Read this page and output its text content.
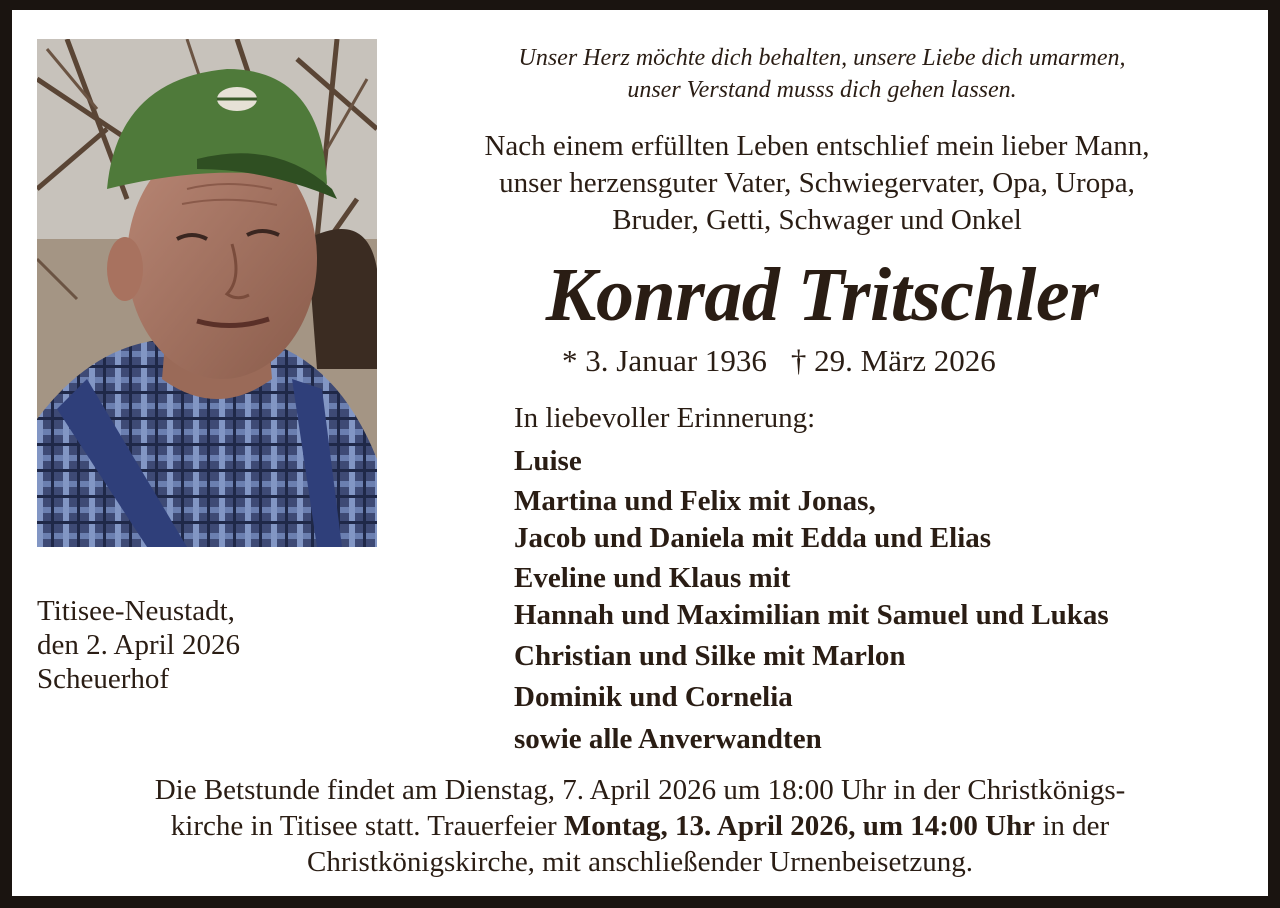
Unser Herz möchte dich behalten, unsere Liebe dich umarmen,
unser Verstand musss dich gehen lassen.
Nach einem erfüllten Leben entschlief mein lieber Mann,
unser herzensguter Vater, Schwiegervater, Opa, Uropa,
Bruder, Getti, Schwager und Onkel
Konrad Tritschler
* 3. Januar 1936 † 29. März 2026
In liebevoller Erinnerung:
Luise
Martina und Felix mit Jonas,
Jacob und Daniela mit Edda und Elias
Eveline und Klaus mit
Hannah und Maximilian mit Samuel und Lukas
Christian und Silke mit Marlon
Dominik und Cornelia
sowie alle Anverwandten
Titisee-Neustadt,
den 2. April 2026
Scheuerhof
Die Betstunde findet am Dienstag, 7. April 2026 um 18:00 Uhr in der Christkönigs-
kirche in Titisee statt. Trauerfeier Montag, 13. April 2026, um 14:00 Uhr in der
Christkönigskirche, mit anschließender Urnenbeisetzung.
